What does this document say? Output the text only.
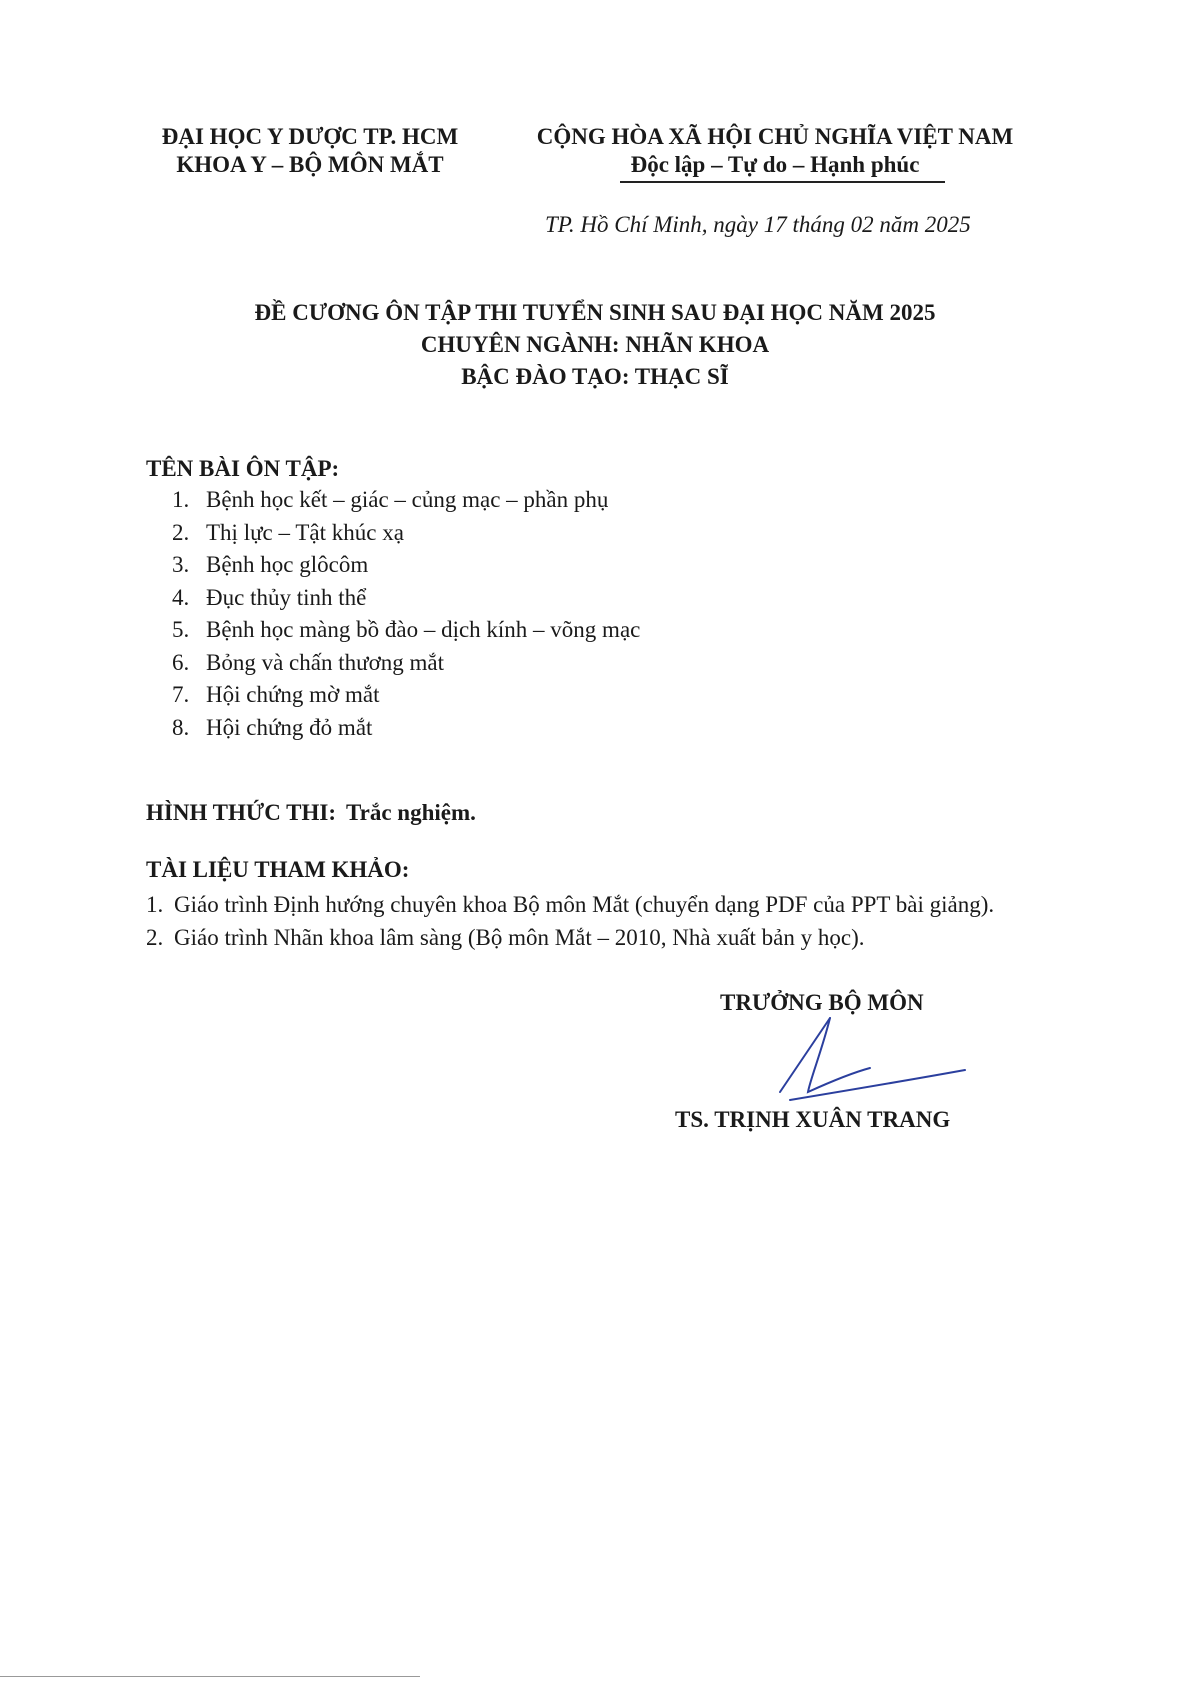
ĐẠI HỌC Y DƯỢC TP. HCM
KHOA Y – BỘ MÔN MẮT
CỘNG HÒA XÃ HỘI CHỦ NGHĨA VIỆT NAM
Độc lập – Tự do – Hạnh phúc
TP. Hồ Chí Minh, ngày 17 tháng 02 năm 2025
ĐỀ CƯƠNG ÔN TẬP THI TUYỂN SINH SAU ĐẠI HỌC NĂM 2025
CHUYÊN NGÀNH: NHÃN KHOA
BẬC ĐÀO TẠO: THẠC SĨ
TÊN BÀI ÔN TẬP:
1. Bệnh học kết – giác – củng mạc – phần phụ
2. Thị lực – Tật khúc xạ
3. Bệnh học glôcôm
4. Đục thủy tinh thể
5. Bệnh học màng bồ đào – dịch kính – võng mạc
6. Bỏng và chấn thương mắt
7. Hội chứng mờ mắt
8. Hội chứng đỏ mắt
HÌNH THỨC THI: Trắc nghiệm.
TÀI LIỆU THAM KHẢO:
1. Giáo trình Định hướng chuyên khoa Bộ môn Mắt (chuyển dạng PDF của PPT bài giảng).
2. Giáo trình Nhãn khoa lâm sàng (Bộ môn Mắt – 2010, Nhà xuất bản y học).
TRƯỞNG BỘ MÔN
TS. TRỊNH XUÂN TRANG
